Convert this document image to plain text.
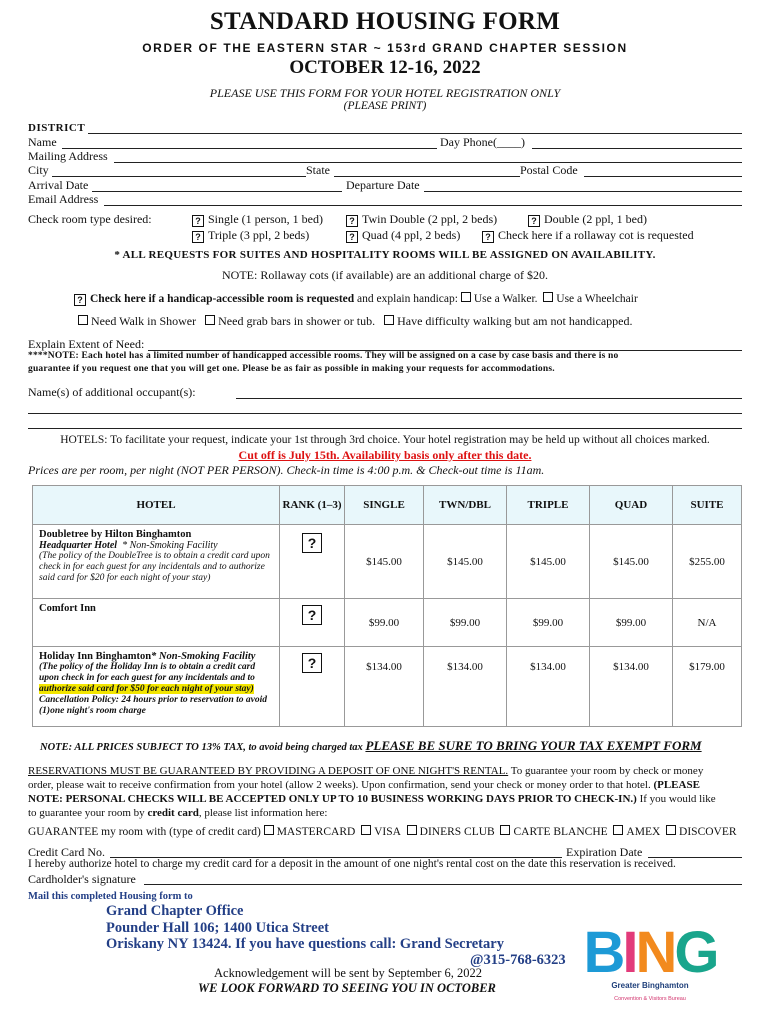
STANDARD HOUSING FORM
ORDER OF THE EASTERN STAR ~ 153rd GRAND CHAPTER SESSION
OCTOBER 12-16, 2022
PLEASE USE THIS FORM FOR YOUR HOTEL REGISTRATION ONLY
(PLEASE PRINT)
DISTRICT
Name	Day Phone(____)
Mailing Address
City	State	Postal Code
Arrival Date	Departure Date
Email Address
Check room type desired:	? Single (1 person, 1 bed)	? Twin Double (2 ppl, 2 beds)	? Double (2 ppl, 1 bed)
? Triple (3 ppl, 2 beds)	? Quad (4 ppl, 2 beds)	? Check here if a rollaway cot is requested
* ALL REQUESTS FOR SUITES AND HOSPITALITY ROOMS WILL BE ASSIGNED ON AVAILABILITY.
NOTE: Rollaway cots (if available) are an additional charge of $20.
? Check here if a handicap-accessible room is requested and explain handicap: Use a Walker. Use a Wheelchair
Need Walk in Shower Need grab bars in shower or tub. Have difficulty walking but am not handicapped.
Explain Extent of Need:
****NOTE: Each hotel has a limited number of handicapped accessible rooms. They will be assigned on a case by case basis and there is no
guarantee if you request one that you will get one. Please be as fair as possible in making your requests for accommodations.
Name(s) of additional occupant(s):
HOTELS: To facilitate your request, indicate your 1st through 3rd choice. Your hotel registration may be held up without all choices marked.
Cut off is July 15th. Availability basis only after this date.
Prices are per room, per night (NOT PER PERSON). Check-in time is 4:00 p.m. & Check-out time is 11am.
HOTEL	RANK (1–3)	SINGLE	TWN/DBL	TRIPLE	QUAD	SUITE

Doubletree by Hilton Binghamton
Headquarter Hotel * Non-Smoking Facility
(The policy of the DoubleTree is to obtain a credit card upon check in for each guest for any incidentals and to authorize said card for $20 for each night of your stay)	?	$145.00	$145.00	$145.00	$145.00	$255.00

Comfort Inn	?	$99.00	$99.00	$99.00	$99.00	N/A

Holiday Inn Binghamton* Non-Smoking Facility
(The policy of the Holiday Inn is to obtain a credit card upon check in for each guest for any incidentals and to
authorize said card for $50 for each night of your stay)
Cancellation Policy: 24 hours prior to reservation to avoid (1)one night's room charge	?	$134.00	$134.00	$134.00	$134.00	$179.00
NOTE: ALL PRICES SUBJECT TO 13% TAX, to avoid being charged tax PLEASE BE SURE TO BRING YOUR TAX EXEMPT FORM
RESERVATIONS MUST BE GUARANTEED BY PROVIDING A DEPOSIT OF ONE NIGHT'S RENTAL. To guarantee your room by check or money
order, please wait to receive confirmation from your hotel (allow 2 weeks). Upon confirmation, send your check or money order to that hotel. (PLEASE
NOTE: PERSONAL CHECKS WILL BE ACCEPTED ONLY UP TO 10 BUSINESS WORKING DAYS PRIOR TO CHECK-IN.) If you would like
to guarantee your room by credit card, please list information here:
GUARANTEE my room with (type of credit card) MASTERCARD VISA DINERS CLUB CARTE BLANCHE AMEX DISCOVER
Credit Card No.	Expiration Date
I hereby authorize hotel to charge my credit card for a deposit in the amount of one night's rental cost on the date this reservation is received.
Cardholder's signature
Mail this completed Housing form to
Grand Chapter Office
Pounder Hall 106; 1400 Utica Street
Oriskany NY 13424. If you have questions call: Grand Secretary
@315-768-6323
Acknowledgement will be sent by September 6, 2022
WE LOOK FORWARD TO SEEING YOU IN OCTOBER
BING
Greater Binghamton
Convention & Visitors Bureau
